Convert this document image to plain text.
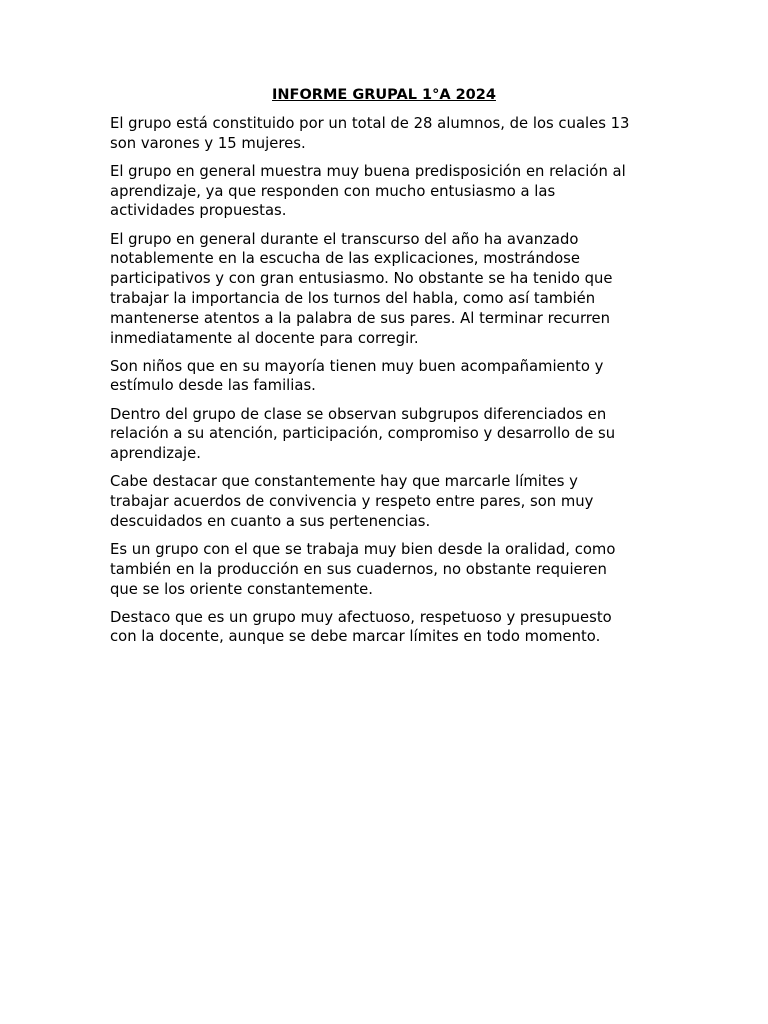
INFORME GRUPAL 1°A 2024

El grupo está constituido por un total de 28 alumnos, de los cuales 13
son varones y 15 mujeres.

El grupo en general muestra muy buena predisposición en relación al
aprendizaje, ya que responden con mucho entusiasmo a las
actividades propuestas.

El grupo en general durante el transcurso del año ha avanzado
notablemente en la escucha de las explicaciones, mostrándose
participativos y con gran entusiasmo. No obstante se ha tenido que
trabajar la importancia de los turnos del habla, como así también
mantenerse atentos a la palabra de sus pares. Al terminar recurren
inmediatamente al docente para corregir.

Son niños que en su mayoría tienen muy buen acompañamiento y
estímulo desde las familias.

Dentro del grupo de clase se observan subgrupos diferenciados en
relación a su atención, participación, compromiso y desarrollo de su
aprendizaje.

Cabe destacar que constantemente hay que marcarle límites y
trabajar acuerdos de convivencia y respeto entre pares, son muy
descuidados en cuanto a sus pertenencias.

Es un grupo con el que se trabaja muy bien desde la oralidad, como
también en la producción en sus cuadernos, no obstante requieren
que se los oriente constantemente.

Destaco que es un grupo muy afectuoso, respetuoso y presupuesto
con la docente, aunque se debe marcar límites en todo momento.
